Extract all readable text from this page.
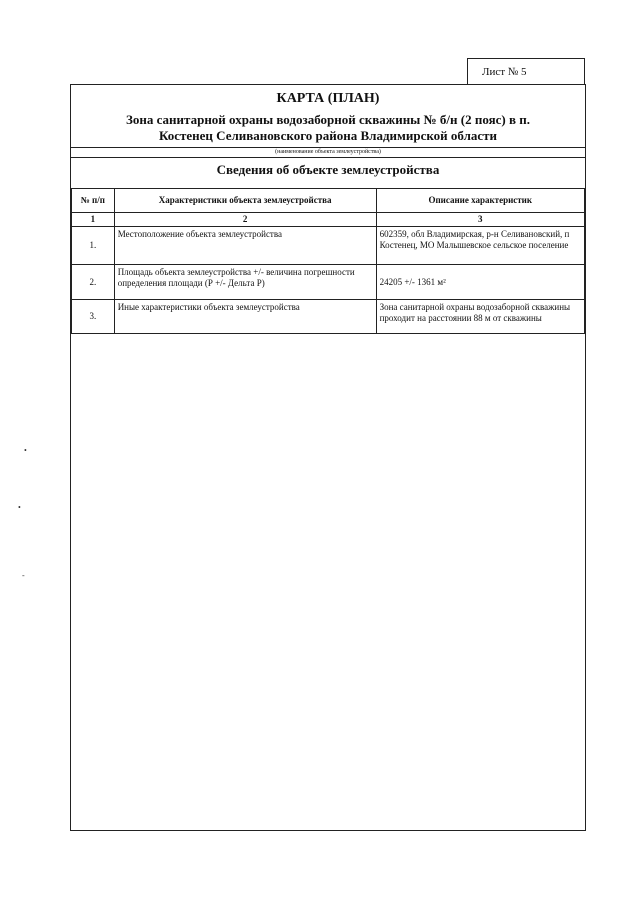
Лист № 5
КАРТА (ПЛАН)
Зона санитарной охраны водозаборной скважины № б/н (2 пояс) в п.
Костенец Селивановского района Владимирской области
(наименование объекта землеустройства)
Сведения об объекте землеустройства
№ п/п	Характеристики объекта землеустройства	Описание характеристик
1	2	3
1.	Местоположение объекта землеустройства	602359, обл Владимирская, р-н Селивановский, п Костенец, МО Малышевское сельское поселение
2.	Площадь объекта землеустройства +/- величина погрешности определения площади (Р +/- Дельта Р)	24205 +/- 1361 м²
3.	Иные характеристики объекта землеустройства	Зона санитарной охраны водозаборной скважины проходит на расстоянии 88 м от скважины
•
•
-
